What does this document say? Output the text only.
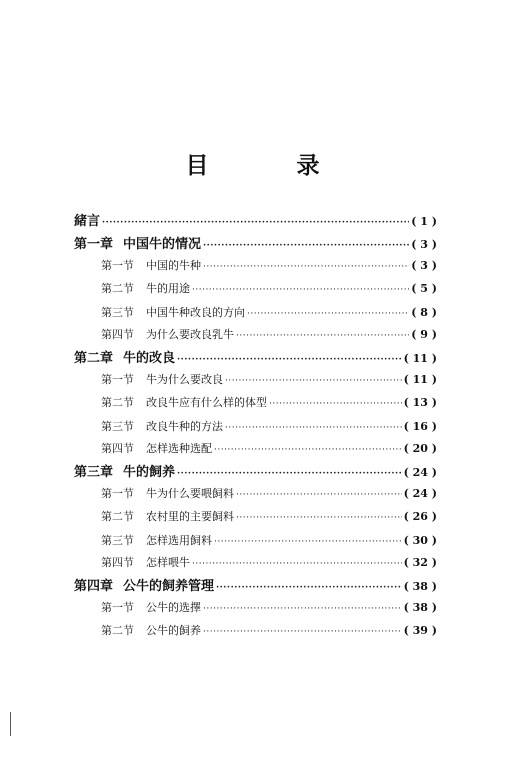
目 录
緒言 ·····	( 1 )
第一章 中国牛的情况 ·····	( 3 )
第一节 中国的牛种 ·····	( 3 )
第二节 牛的用途 ·····	( 5 )
第三节 中国牛种改良的方向 ·····	( 8 )
第四节 为什么要改良乳牛 ·····	( 9 )
第二章 牛的改良 ·····	( 11 )
第一节 牛为什么要改良 ·····	( 11 )
第二节 改良牛应有什么样的体型 ·····	( 13 )
第三节 改良牛种的方法 ·····	( 16 )
第四节 怎样选种选配 ·····	( 20 )
第三章 牛的飼养 ·····	( 24 )
第一节 牛为什么要喂飼料 ·····	( 24 )
第二节 农村里的主要飼料 ·····	( 26 )
第三节 怎样选用飼料 ·····	( 30 )
第四节 怎样喂牛 ·····	( 32 )
第四章 公牛的飼养管理 ·····	( 38 )
第一节 公牛的选擇 ·····	( 38 )
第二节 公牛的飼养 ·····	( 39 )
